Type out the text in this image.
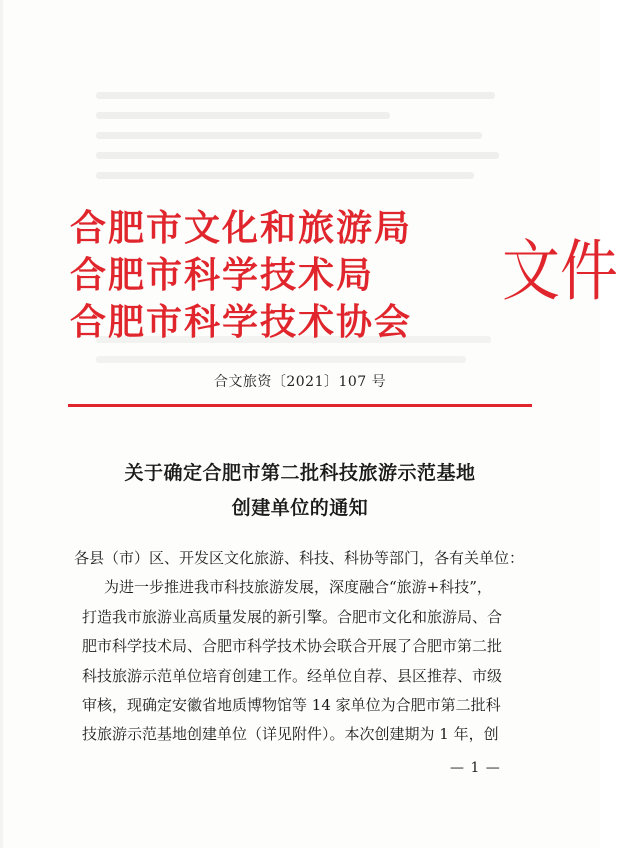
合肥市文化和旅游局
合肥市科学技术局
合肥市科学技术协会
文件
合文旅资〔2021〕107 号
关于确定合肥市第二批科技旅游示范基地
创建单位的通知
各县（市）区、开发区文化旅游、科技、科协等部门，各有关单位：
为进一步推进我市科技旅游发展，深度融合“旅游+科技”，
打造我市旅游业高质量发展的新引擎。合肥市文化和旅游局、合
肥市科学技术局、合肥市科学技术协会联合开展了合肥市第二批
科技旅游示范单位培育创建工作。经单位自荐、县区推荐、市级
审核，现确定安徽省地质博物馆等 14 家单位为合肥市第二批科
技旅游示范基地创建单位（详见附件）。本次创建期为 1 年，创
— 1 —
